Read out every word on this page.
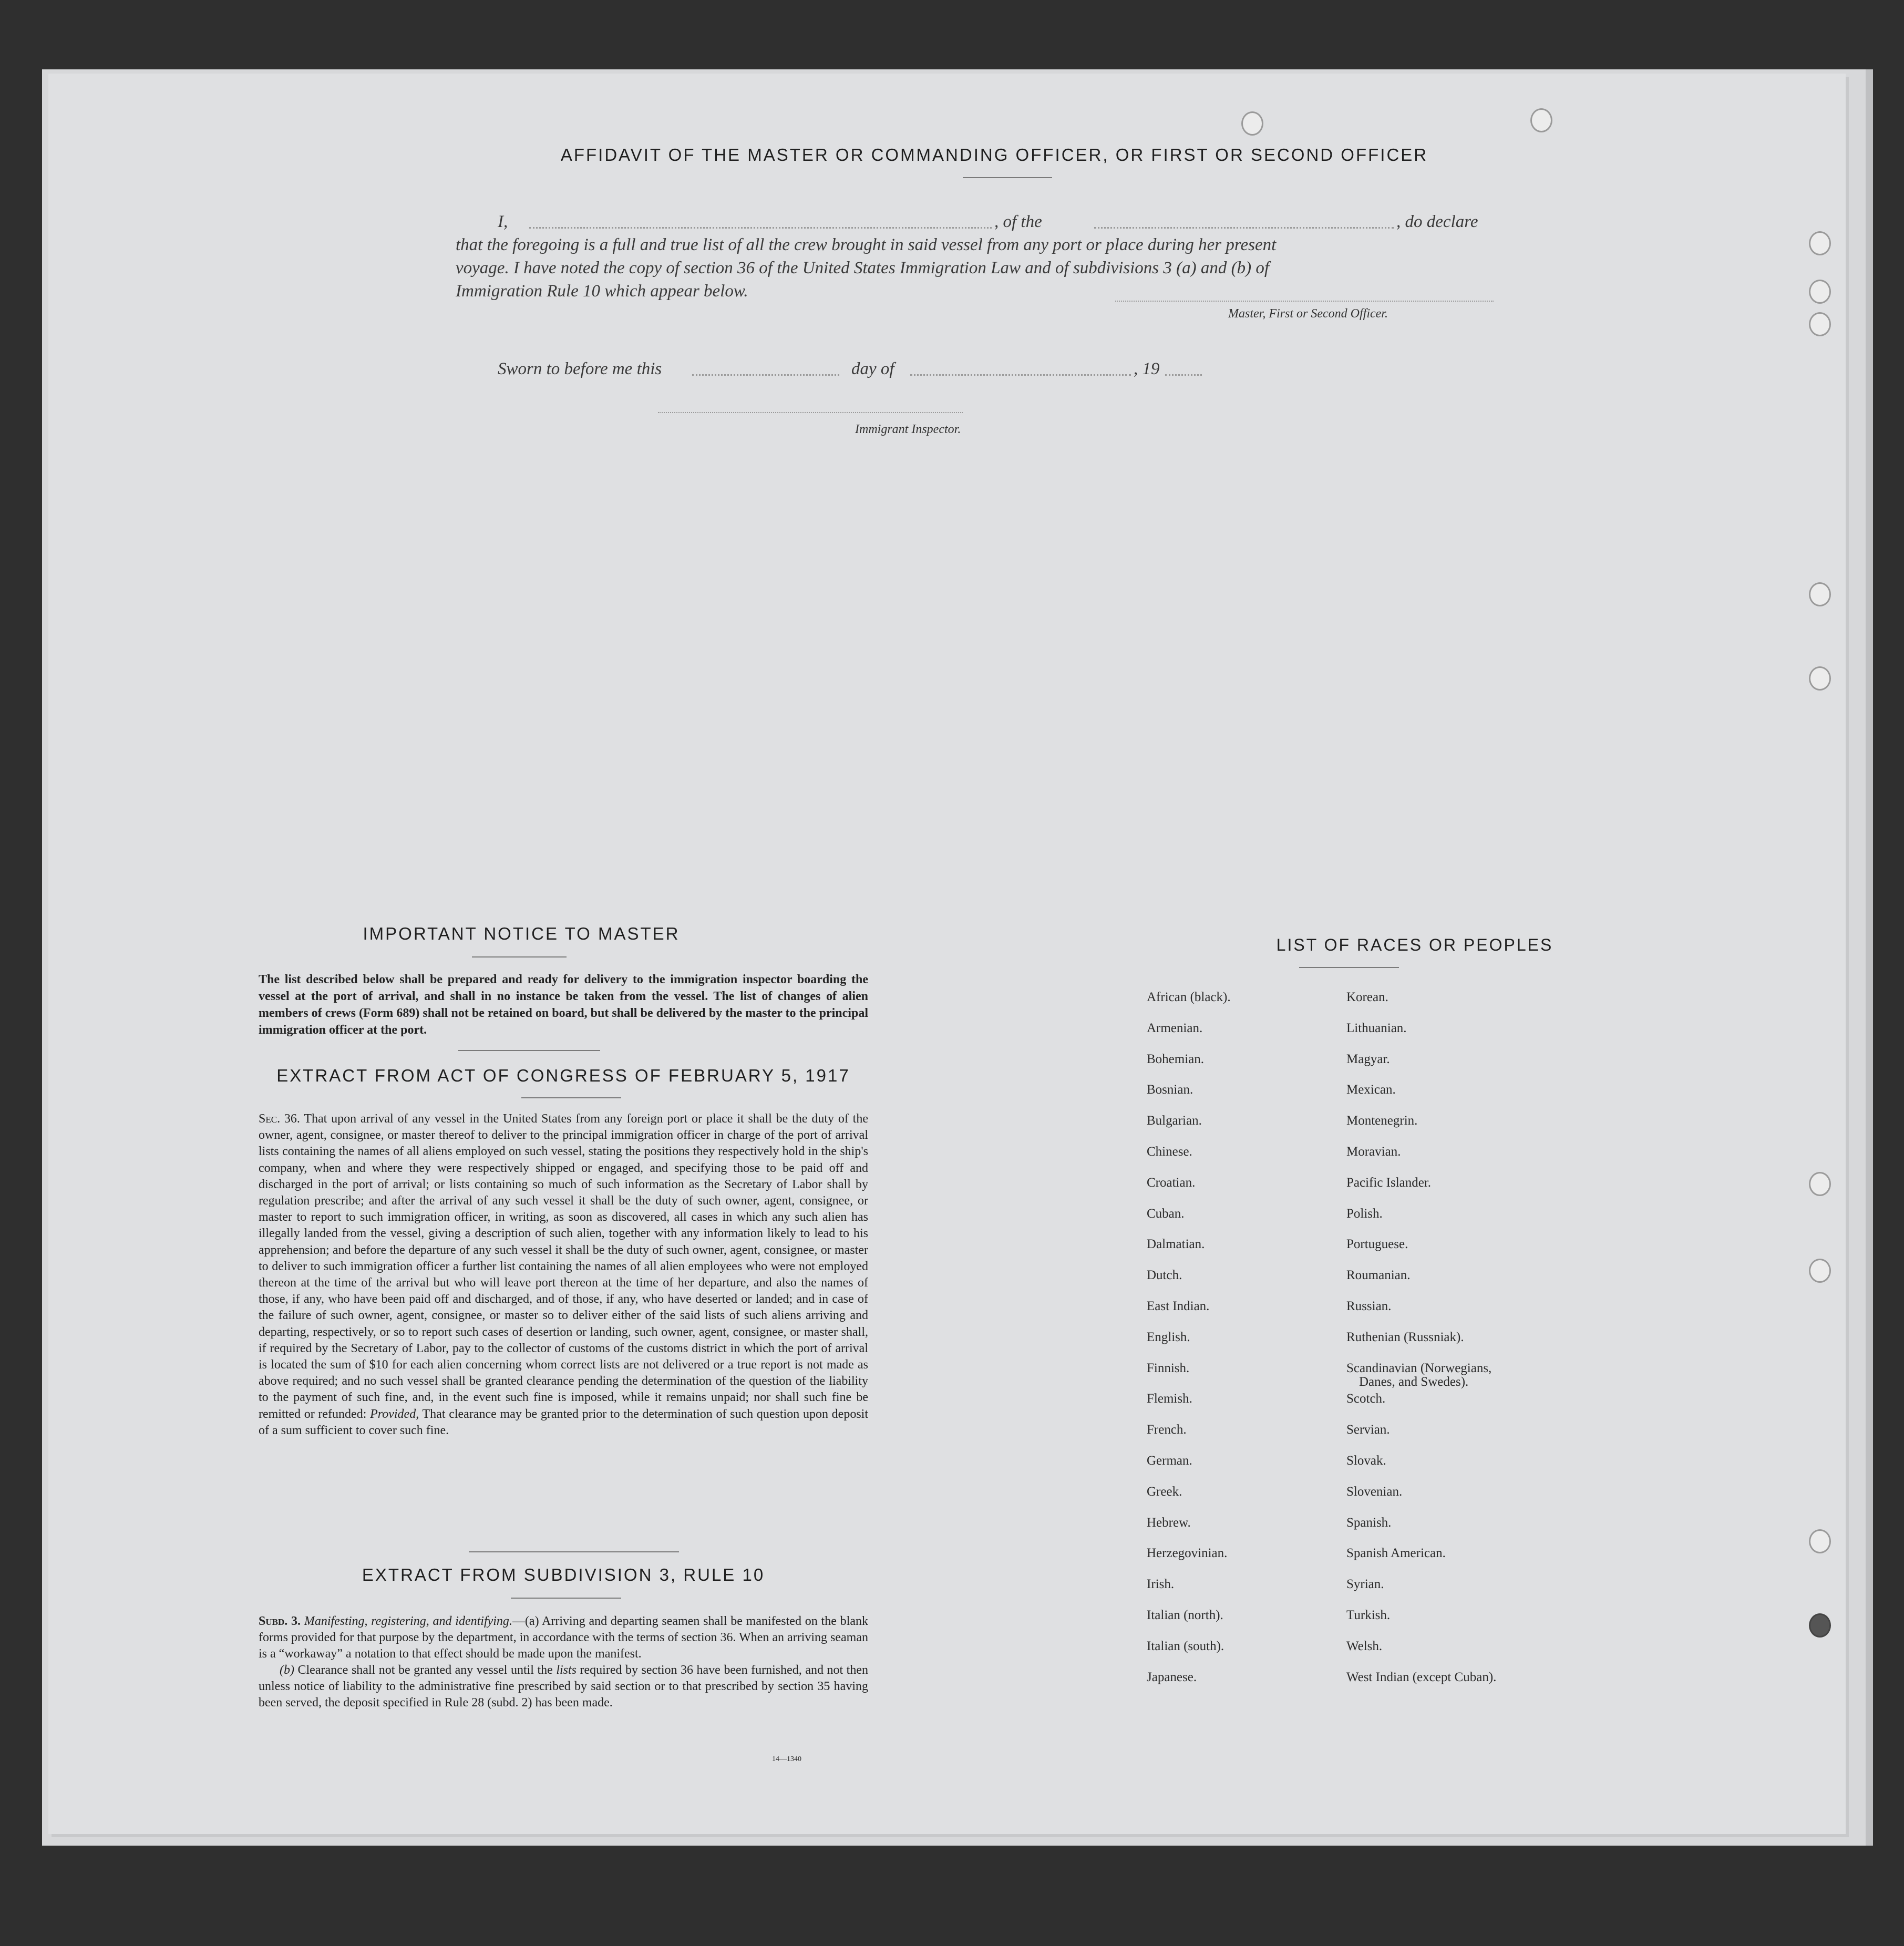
AFFIDAVIT OF THE MASTER OR COMMANDING OFFICER, OR FIRST OR SECOND OFFICER
I,	, of the	, do declare
that the foregoing is a full and true list of all the crew brought in said vessel from any port or place during her present
voyage. I have noted the copy of section 36 of the United States Immigration Law and of subdivisions 3 (a) and (b) of
Immigration Rule 10 which appear below.
Master, First or Second Officer.
Sworn to before me this	day of	, 19
Immigrant Inspector.
IMPORTANT NOTICE TO MASTER
The list described below shall be prepared and ready for delivery to the immigration inspector boarding the vessel at the port of arrival, and shall in no instance be taken from the vessel. The list of changes of alien members of crews (Form 689) shall not be retained on board, but shall be delivered by the master to the principal immigration officer at the port.
EXTRACT FROM ACT OF CONGRESS OF FEBRUARY 5, 1917
Sec. 36. That upon arrival of any vessel in the United States from any foreign port or place it shall be the duty of the owner, agent, consignee, or master thereof to deliver to the principal immigration officer in charge of the port of arrival lists containing the names of all aliens employed on such vessel, stating the positions they respectively hold in the ship's company, when and where they were respectively shipped or engaged, and specifying those to be paid off and discharged in the port of arrival; or lists containing so much of such information as the Secretary of Labor shall by regulation prescribe; and after the arrival of any such vessel it shall be the duty of such owner, agent, consignee, or master to report to such immigration officer, in writing, as soon as discovered, all cases in which any such alien has illegally landed from the vessel, giving a description of such alien, together with any information likely to lead to his apprehension; and before the departure of any such vessel it shall be the duty of such owner, agent, consignee, or master to deliver to such immigration officer a further list containing the names of all alien employees who were not employed thereon at the time of the arrival but who will leave port thereon at the time of her departure, and also the names of those, if any, who have been paid off and discharged, and of those, if any, who have deserted or landed; and in case of the failure of such owner, agent, consignee, or master so to deliver either of the said lists of such aliens arriving and departing, respectively, or so to report such cases of desertion or landing, such owner, agent, consignee, or master shall, if required by the Secretary of Labor, pay to the collector of customs of the customs district in which the port of arrival is located the sum of $10 for each alien concerning whom correct lists are not delivered or a true report is not made as above required; and no such vessel shall be granted clearance pending the determination of the question of the liability to the payment of such fine, and, in the event such fine is imposed, while it remains unpaid; nor shall such fine be remitted or refunded: Provided, That clearance may be granted prior to the determination of such question upon deposit of a sum sufficient to cover such fine.
EXTRACT FROM SUBDIVISION 3, RULE 10
Subd. 3. Manifesting, registering, and identifying.—(a) Arriving and departing seamen shall be manifested on the blank forms provided for that purpose by the department, in accordance with the terms of section 36. When an arriving seaman is a “workaway” a notation to that effect should be made upon the manifest.
(b) Clearance shall not be granted any vessel until the lists required by section 36 have been furnished, and not then unless notice of liability to the administrative fine prescribed by said section or to that prescribed by section 35 having been served, the deposit specified in Rule 28 (subd. 2) has been made.
14—1340
LIST OF RACES OR PEOPLES
African (black).
Armenian.
Bohemian.
Bosnian.
Bulgarian.
Chinese.
Croatian.
Cuban.
Dalmatian.
Dutch.
East Indian.
English.
Finnish.
Flemish.
French.
German.
Greek.
Hebrew.
Herzegovinian.
Irish.
Italian (north).
Italian (south).
Japanese.
Korean.
Lithuanian.
Magyar.
Mexican.
Montenegrin.
Moravian.
Pacific Islander.
Polish.
Portuguese.
Roumanian.
Russian.
Ruthenian (Russniak).
Scandinavian (Norwegians,
Danes, and Swedes).
Scotch.
Servian.
Slovak.
Slovenian.
Spanish.
Spanish American.
Syrian.
Turkish.
Welsh.
West Indian (except Cuban).
